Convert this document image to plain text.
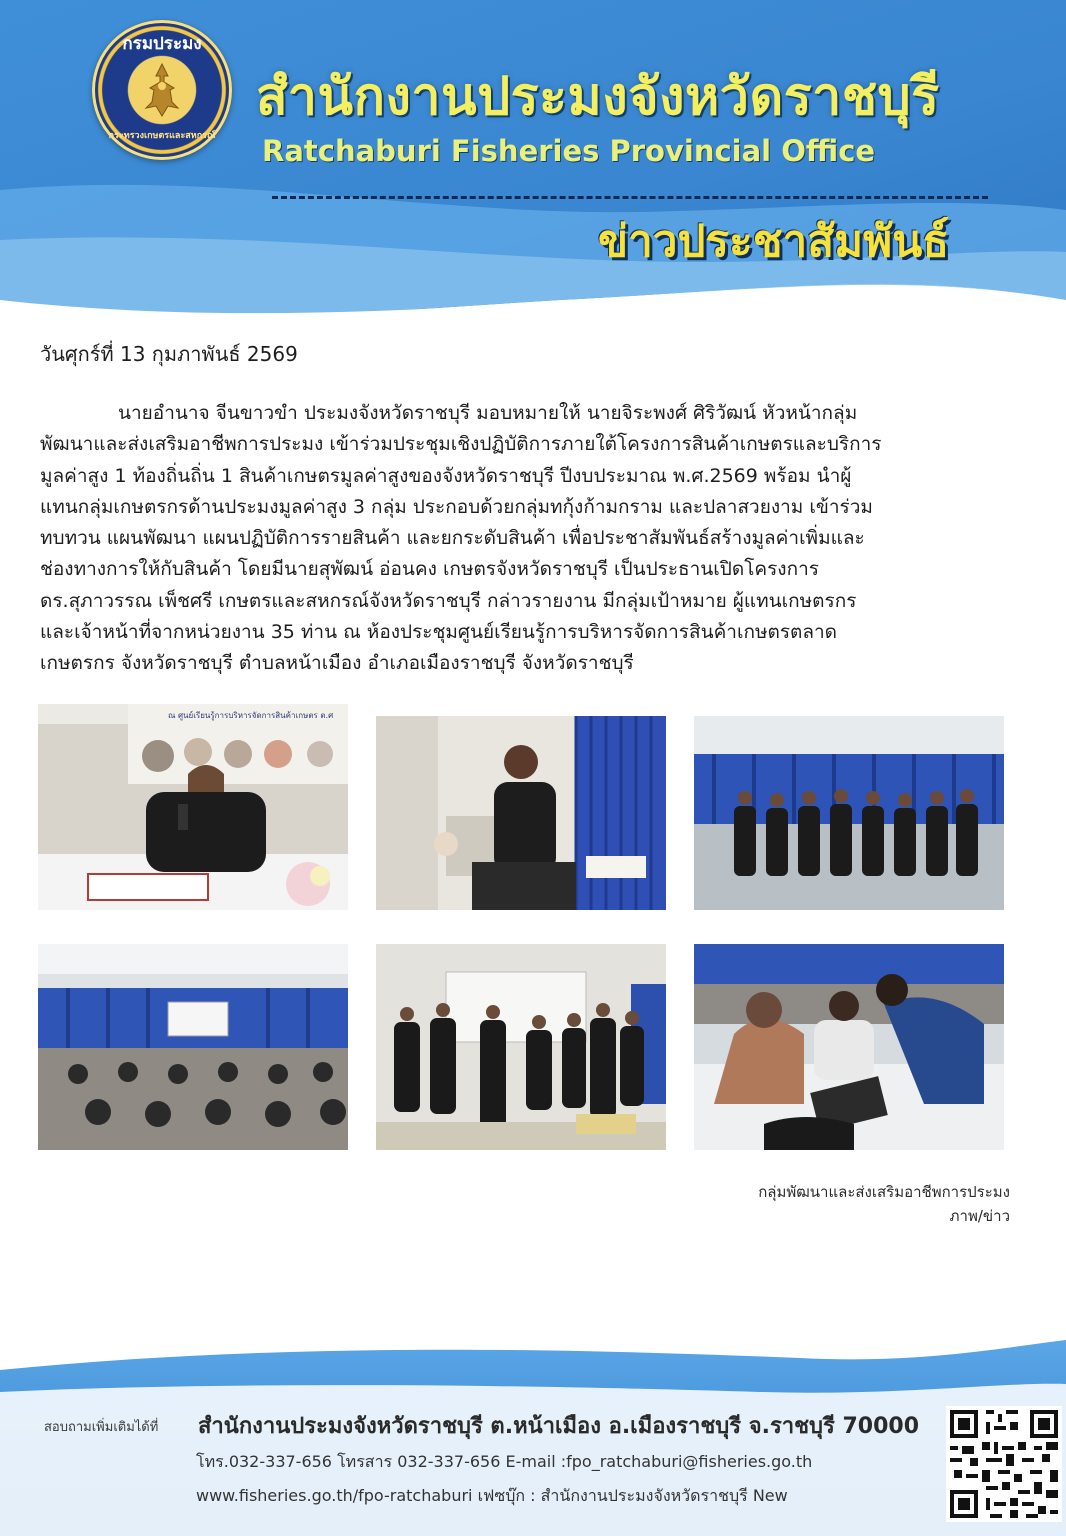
กรมประมง
กระทรวงเกษตรและสหกรณ์
สำนักงานประมงจังหวัดราชบุรี
Ratchaburi Fisheries Provincial Office
ข่าวประชาสัมพันธ์
วันศุกร์ที่ 13 กุมภาพันธ์ 2569
นายอำนาจ จีนขาวขำ ประมงจังหวัดราชบุรี มอบหมายให้ นายจิระพงศ์ ศิริวัฒน์ หัวหน้ากลุ่ม
พัฒนาและส่งเสริมอาชีพการประมง เข้าร่วมประชุมเชิงปฏิบัติการภายใต้โครงการสินค้าเกษตรและบริการ
มูลค่าสูง 1 ท้องถิ่นถิ่น 1 สินค้าเกษตรมูลค่าสูงของจังหวัดราชบุรี ปีงบประมาณ พ.ศ.2569 พร้อม นำผู้
แทนกลุ่มเกษตรกรด้านประมงมูลค่าสูง 3 กลุ่ม ประกอบด้วยกลุ่มทกุ้งก้ามกราม และปลาสวยงาม เข้าร่วม
ทบทวน แผนพัฒนา แผนปฏิบัติการรายสินค้า และยกระดับสินค้า เพื่อประชาสัมพันธ์สร้างมูลค่าเพิ่มและ
ช่องทางการให้กับสินค้า โดยมีนายสุพัฒน์ อ่อนคง เกษตรจังหวัดราชบุรี เป็นประธานเปิดโครงการ
ดร.สุภาวรรณ เพ็ชศรี เกษตรและสหกรณ์จังหวัดราชบุรี กล่าวรายงาน มีกลุ่มเป้าหมาย ผู้แทนเกษตรกร
และเจ้าหน้าที่จากหน่วยงาน 35 ท่าน ณ ห้องประชุมศูนย์เรียนรู้การบริหารจัดการสินค้าเกษตรตลาด
เกษตรกร จังหวัดราชบุรี ตำบลหน้าเมือง อำเภอเมืองราชบุรี จังหวัดราชบุรี
ณ ศูนย์เรียนรู้การบริหารจัดการสินค้าเกษตร ต.ศ
กลุ่มพัฒนาและส่งเสริมอาชีพการประมง
ภาพ/ข่าว
สอบถามเพิ่มเติมได้ที่ สำนักงานประมงจังหวัดราชบุรี ต.หน้าเมือง อ.เมืองราชบุรี จ.ราชบุรี 70000
โทร.032-337-656 โทรสาร 032-337-656 E-mail :fpo_ratchaburi@fisheries.go.th
www.fisheries.go.th/fpo-ratchaburi เฟซบุ๊ก : สำนักงานประมงจังหวัดราชบุรี New
